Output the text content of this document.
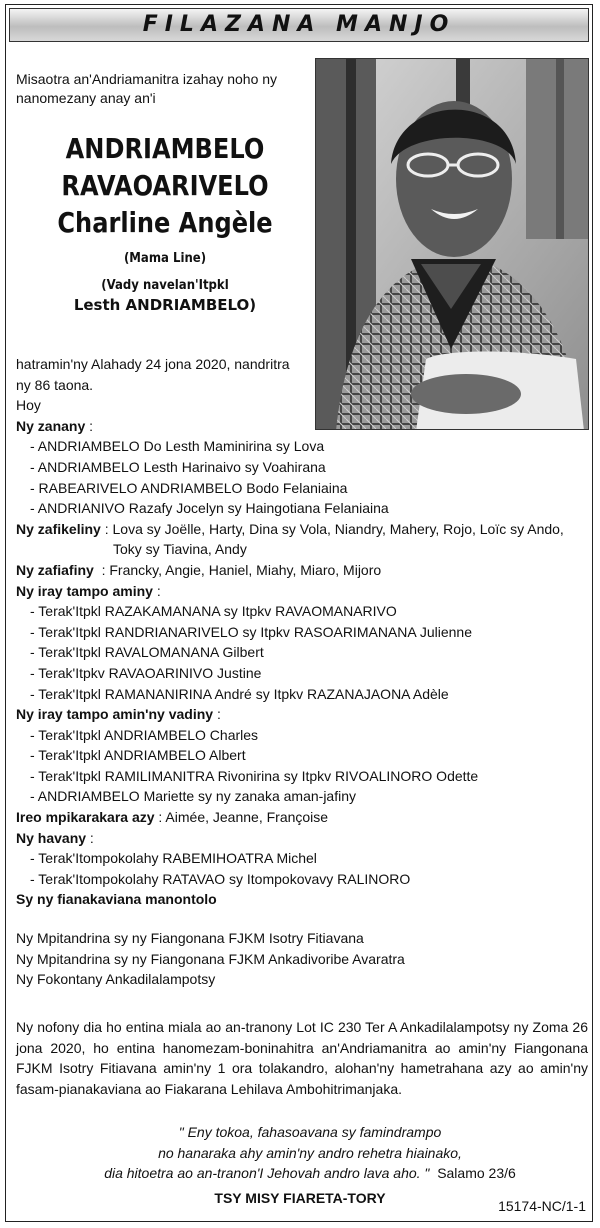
FILAZANA MANJO
Misaotra an'Andriamanitra izahay noho ny nanomezany anay an'i
ANDRIAMBELO
RAVAOARIVELO
Charline Angèle
(Mama Line)
(Vady navelan'Itpkl
Lesth ANDRIAMBELO)
hatramin'ny Alahady 24 jona 2020, nandritra
ny 86 taona.
Hoy
Ny zanany :
- ANDRIAMBELO Do Lesth Maminirina sy Lova
- ANDRIAMBELO Lesth Harinaivo sy Voahirana
- RABEARIVELO ANDRIAMBELO Bodo Felaniaina
- ANDRIANIVO Razafy Jocelyn sy Haingotiana Felaniaina
Ny zafikeliny : Lova sy Joëlle, Harty, Dina sy Vola, Niandry, Mahery, Rojo, Loïc sy Ando,
Toky sy Tiavina, Andy
Ny zafiafiny  : Francky, Angie, Haniel, Miahy, Miaro, Mijoro
Ny iray tampo aminy :
- Terak'Itpkl RAZAKAMANANA sy Itpkv RAVAOMANARIVO
- Terak'Itpkl RANDRIANARIVELO sy Itpkv RASOARIMANANA Julienne
- Terak'Itpkl RAVALOMANANA Gilbert
- Terak'Itpkv RAVAOARINIVO Justine
- Terak'Itpkl RAMANANIRINA André sy Itpkv RAZANAJAONA Adèle
Ny iray tampo amin'ny vadiny :
- Terak'Itpkl ANDRIAMBELO Charles
- Terak'Itpkl ANDRIAMBELO Albert
- Terak'Itpkl RAMILIMANITRA Rivonirina sy Itpkv RIVOALINORO Odette
- ANDRIAMBELO Mariette sy ny zanaka aman-jafiny
Ireo mpikarakara azy : Aimée, Jeanne, Françoise
Ny havany :
- Terak'Itompokolahy RABEMIHOATRA Michel
- Terak'Itompokolahy RATAVAO sy Itompokovavy RALINORO
Sy ny fianakaviana manontolo
Ny Mpitandrina sy ny Fiangonana FJKM Isotry Fitiavana
Ny Mpitandrina sy ny Fiangonana FJKM Ankadivoribe Avaratra
Ny Fokontany Ankadilalampotsy
Ny nofony dia ho entina miala ao an-tranony Lot IC 230 Ter A Ankadilalampotsy ny Zoma 26 jona 2020, ho entina hanomezam-boninahitra an'Andriamanitra ao amin'ny Fiangonana FJKM Isotry Fitiavana amin'ny 1 ora tolakandro, alohan'ny hametrahana azy ao amin'ny fasam-pianakaviana ao Fiakarana Lehilava Ambohitrimanjaka.
" Eny tokoa, fahasoavana sy famindrampo
no hanaraka ahy amin'ny andro rehetra hiainako,
dia hitoetra ao an-tranon'I Jehovah andro lava aho. " Salamo 23/6
TSY MISY FIARETA-TORY	15174-NC/1-1
